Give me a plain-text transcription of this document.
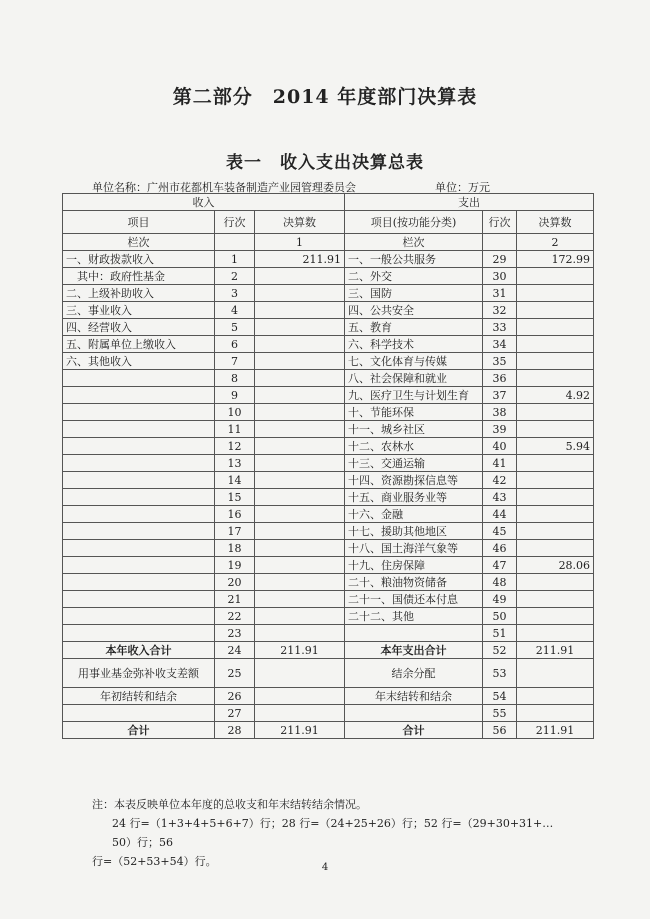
第二部分　2014 年度部门决算表
表一　收入支出决算总表
单位名称：广州市花都机车装备制造产业园管理委员会	单位：万元
收入			支出		
项目	行次	决算数	项目(按功能分类)	行次	决算数
栏次		1	栏次		2
一、财政拨款收入	1	211.91	一、一般公共服务	29	172.99
　其中：政府性基金	2		二、外交	30	
二、上级补助收入	3		三、国防	31	
三、事业收入	4		四、公共安全	32	
四、经营收入	5		五、教育	33	
五、附属单位上缴收入	6		六、科学技术	34	
六、其他收入	7		七、文化体育与传媒	35	
	8		八、社会保障和就业	36	
	9		九、医疗卫生与计划生育	37	4.92
	10		十、节能环保	38	
	11		十一、城乡社区	39	
	12		十二、农林水	40	5.94
	13		十三、交通运输	41	
	14		十四、资源勘探信息等	42	
	15		十五、商业服务业等	43	
	16		十六、金融	44	
	17		十七、援助其他地区	45	
	18		十八、国土海洋气象等	46	
	19		十九、住房保障	47	28.06
	20		二十、粮油物资储备	48	
	21		二十一、国债还本付息	49	
	22		二十二、其他	50	
	23			51	
本年收入合计	24	211.91	本年支出合计	52	211.91
用事业基金弥补收支差额	25		结余分配	53	
年初结转和结余	26		年末结转和结余	54	
	27			55	
合计	28	211.91	合计	56	211.91
注：本表反映单位本年度的总收支和年末结转结余情况。
24 行=（1+3+4+5+6+7）行；28 行=（24+25+26）行；52 行=（29+30+31+…50）行；56
行=（52+53+54）行。	4
